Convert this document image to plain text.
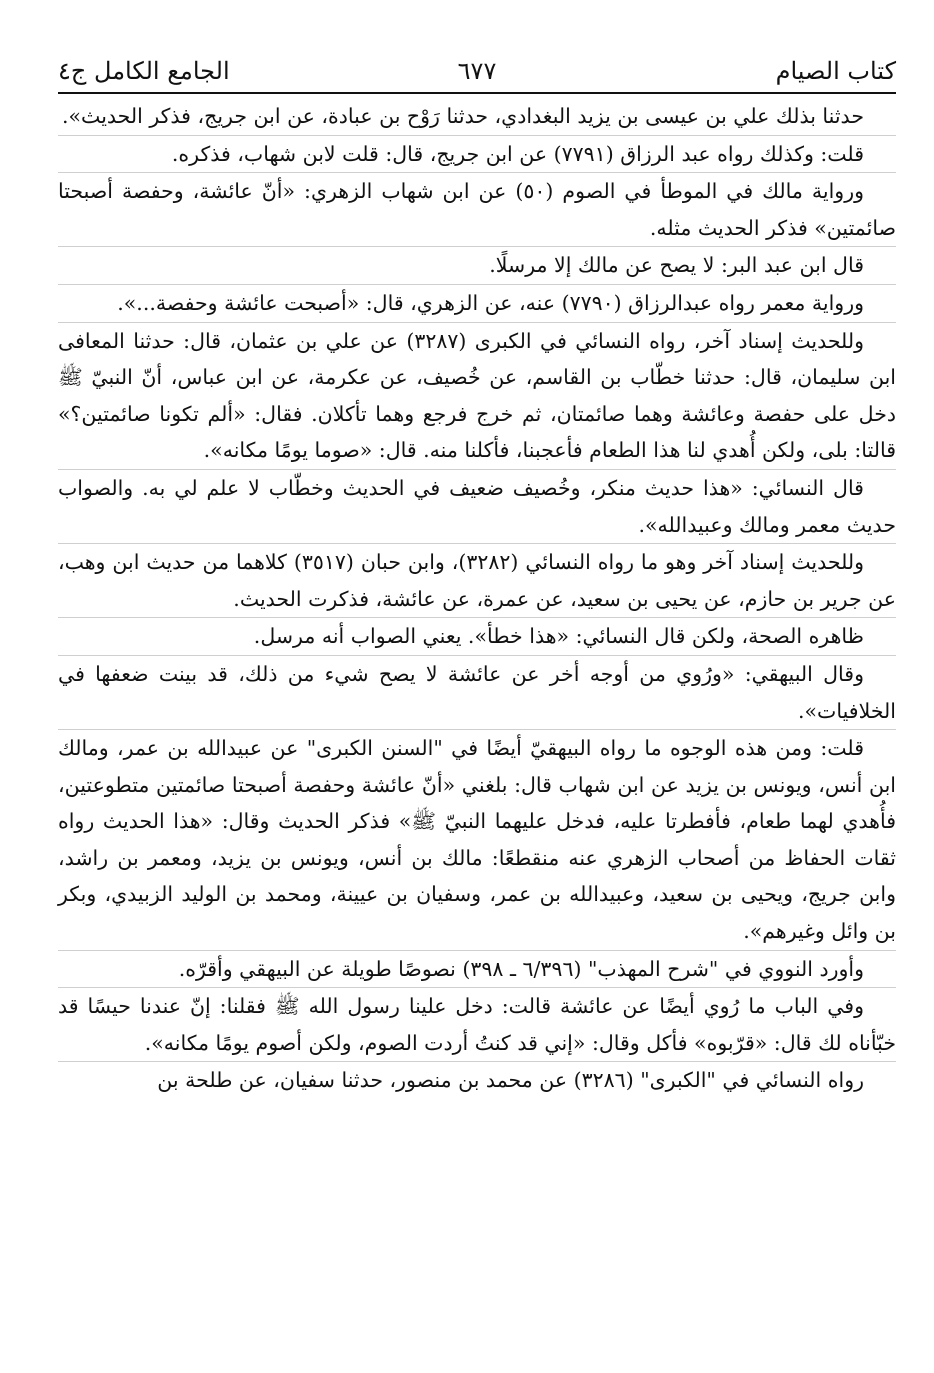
كتاب الصيام
٦٧٧
الجامع الكامل ج٤

حدثنا بذلك علي بن عيسى بن يزيد البغدادي، حدثنا رَوْح بن عبادة، عن ابن جريج، فذكر الحديث».

قلت: وكذلك رواه عبد الرزاق (٧٧٩١) عن ابن جريج، قال: قلت لابن شهاب، فذكره.

ورواية مالك في الموطأ في الصوم (٥٠) عن ابن شهاب الزهري: «أنّ عائشة، وحفصة أصبحتا صائمتين» فذكر الحديث مثله.

قال ابن عبد البر: لا يصح عن مالك إلا مرسلًا.

ورواية معمر رواه عبدالرزاق (٧٧٩٠) عنه، عن الزهري، قال: «أصبحت عائشة وحفصة...».

وللحديث إسناد آخر، رواه النسائي في الكبرى (٣٢٨٧) عن علي بن عثمان، قال: حدثنا المعافى ابن سليمان، قال: حدثنا خطّاب بن القاسم، عن خُصيف، عن عكرمة، عن ابن عباس، أنّ النبيّ ﷺ دخل على حفصة وعائشة وهما صائمتان، ثم خرج فرجع وهما تأكلان. فقال: «ألم تكونا صائمتين؟» قالتا: بلى، ولكن أُهدي لنا هذا الطعام فأعجبنا، فأكلنا منه. قال: «صوما يومًا مكانه».

قال النسائي: «هذا حديث منكر، وخُصيف ضعيف في الحديث وخطّاب لا علم لي به. والصواب حديث معمر ومالك وعبيدالله».

وللحديث إسناد آخر وهو ما رواه النسائي (٣٢٨٢)، وابن حبان (٣٥١٧) كلاهما من حديث ابن وهب، عن جرير بن حازم، عن يحيى بن سعيد، عن عمرة، عن عائشة، فذكرت الحديث.

ظاهره الصحة، ولكن قال النسائي: «هذا خطأ». يعني الصواب أنه مرسل.

وقال البيهقي: «ورُوي من أوجه أخر عن عائشة لا يصح شيء من ذلك، قد بينت ضعفها في الخلافيات».

قلت: ومن هذه الوجوه ما رواه البيهقيّ أيضًا في "السنن الكبرى" عن عبيدالله بن عمر، ومالك ابن أنس، ويونس بن يزيد عن ابن شهاب قال: بلغني «أنّ عائشة وحفصة أصبحتا صائمتين متطوعتين، فأُهدي لهما طعام، فأفطرتا عليه، فدخل عليهما النبيّ ﷺ» فذكر الحديث وقال: «هذا الحديث رواه ثقات الحفاظ من أصحاب الزهري عنه منقطعًا: مالك بن أنس، ويونس بن يزيد، ومعمر بن راشد، وابن جريج، ويحيى بن سعيد، وعبيدالله بن عمر، وسفيان بن عيينة، ومحمد بن الوليد الزبيدي، وبكر بن وائل وغيرهم».

وأورد النووي في "شرح المهذب" (٦/٣٩٦ ـ ٣٩٨) نصوصًا طويلة عن البيهقي وأقرّه.

وفي الباب ما رُوي أيضًا عن عائشة قالت: دخل علينا رسول الله ﷺ فقلنا: إنّ عندنا حيسًا قد خبّأناه لك قال: «قرّبوه» فأكل وقال: «إني قد كنتُ أردت الصوم، ولكن أصوم يومًا مكانه».

رواه النسائي في "الكبرى" (٣٢٨٦) عن محمد بن منصور، حدثنا سفيان، عن طلحة بن
